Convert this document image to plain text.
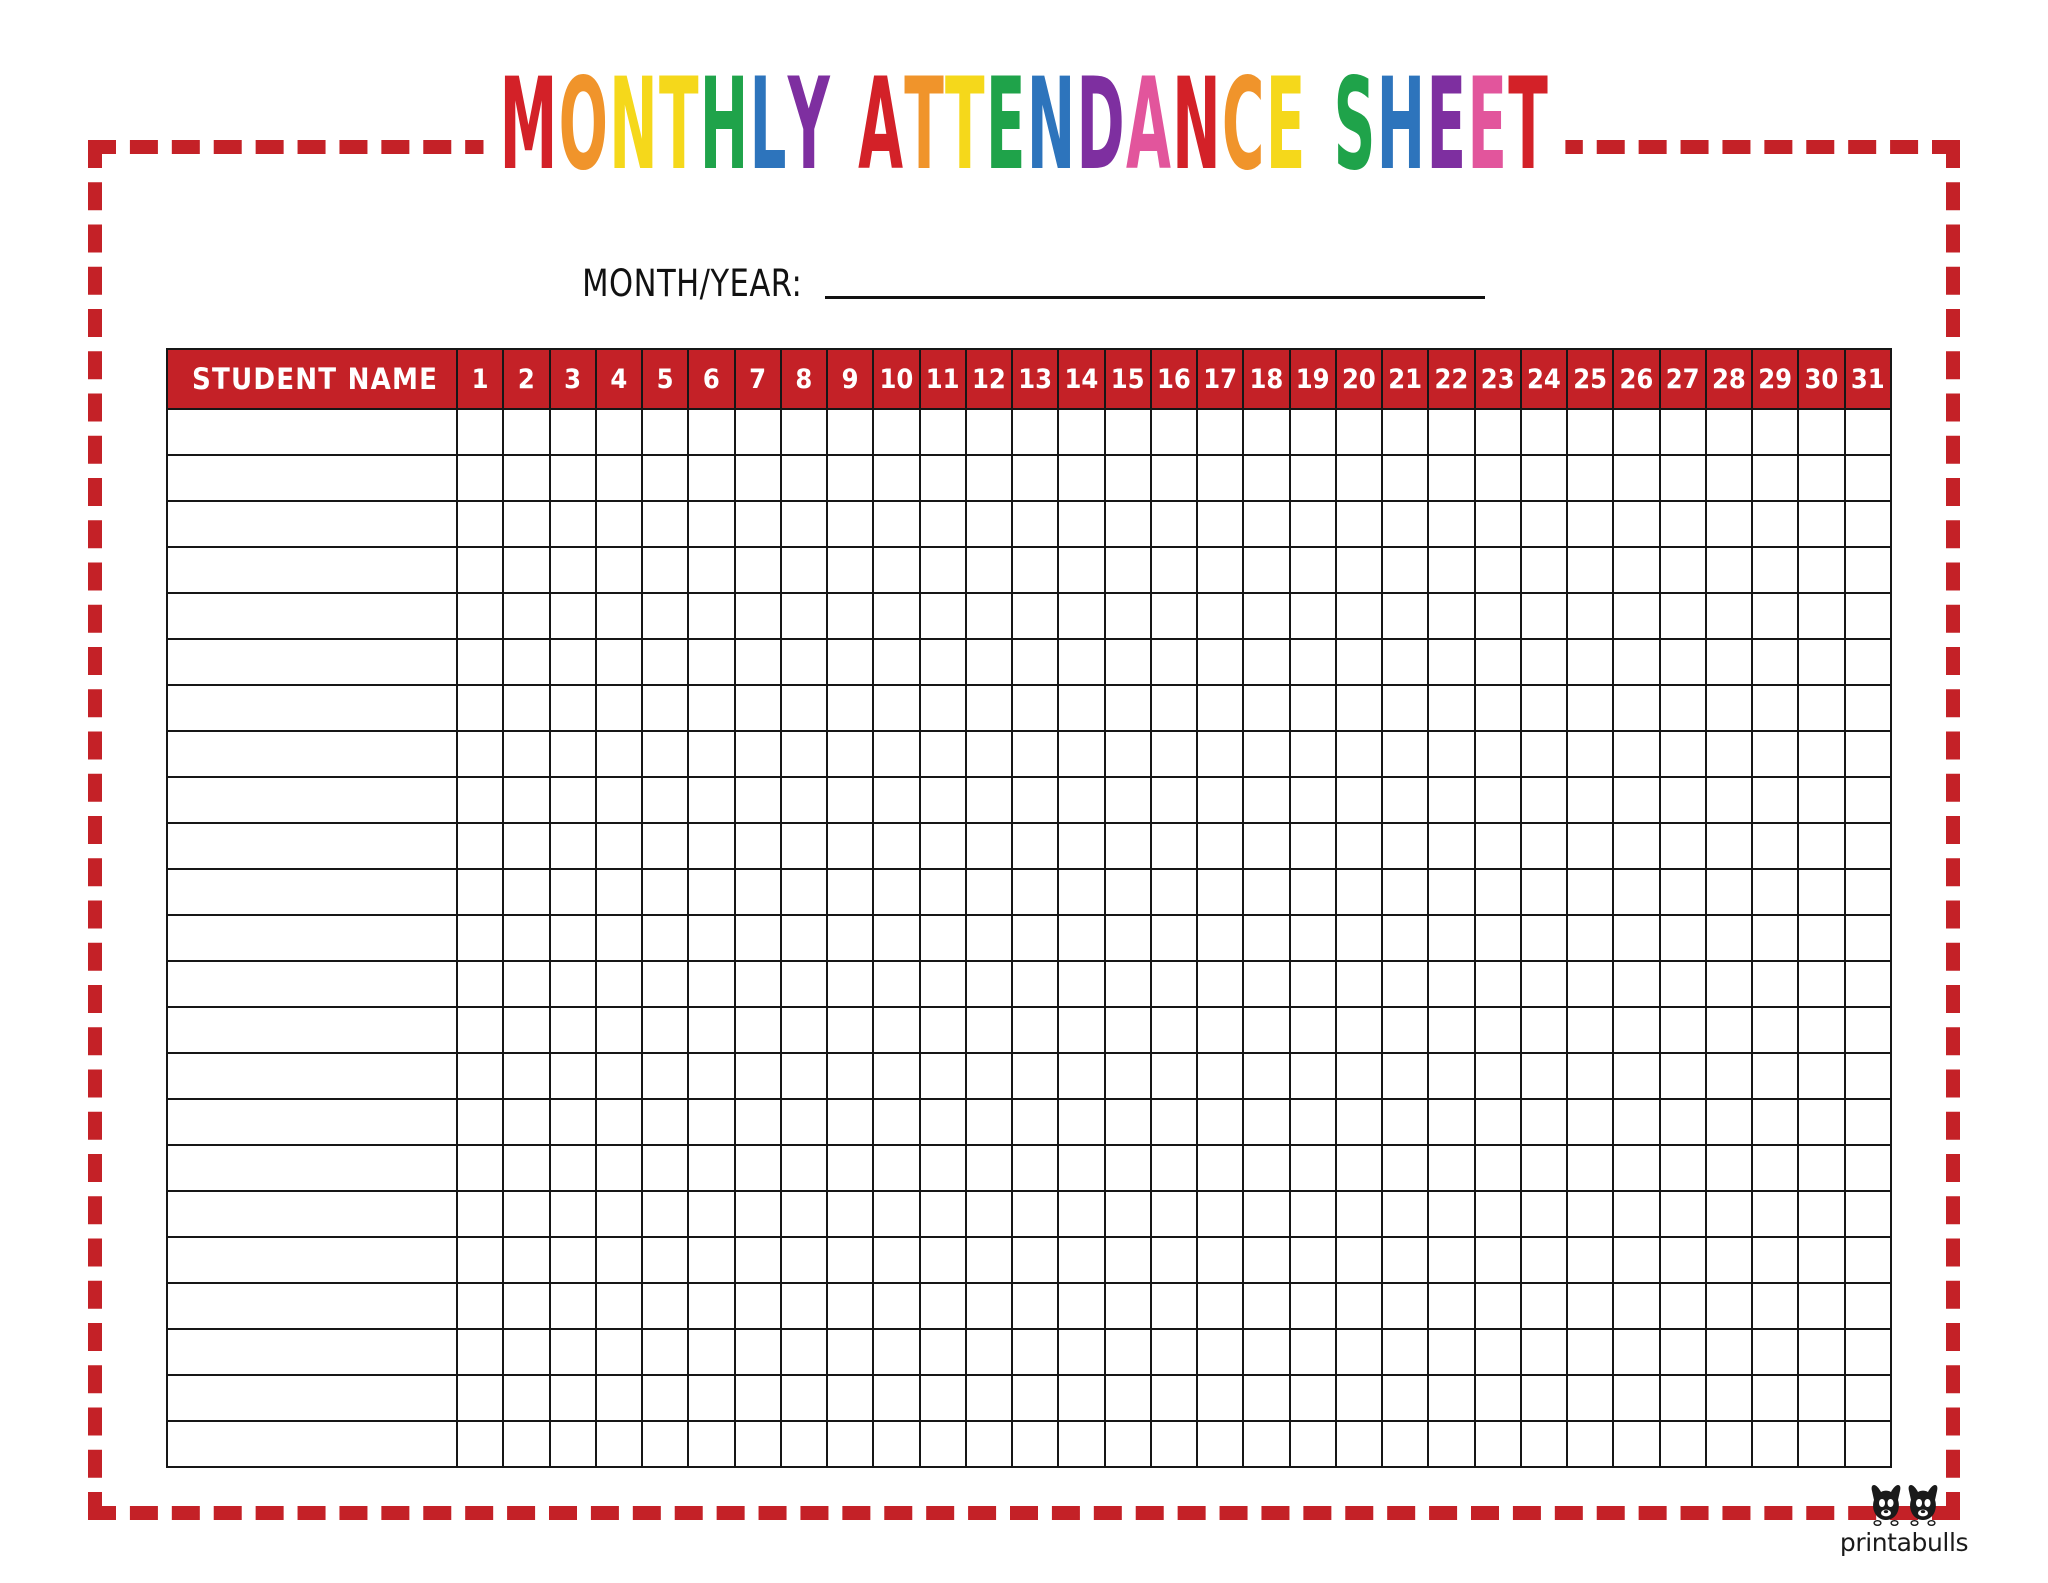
MONTHLY ATTENDANCE SHEET
MONTH/YEAR:
STUDENT NAME	1	2	3	4	5	6	7	8	9	10	11	12	13	14	15	16	17	18	19	20	21	22	23	24	25	26	27	28	29	30	31

printabulls
